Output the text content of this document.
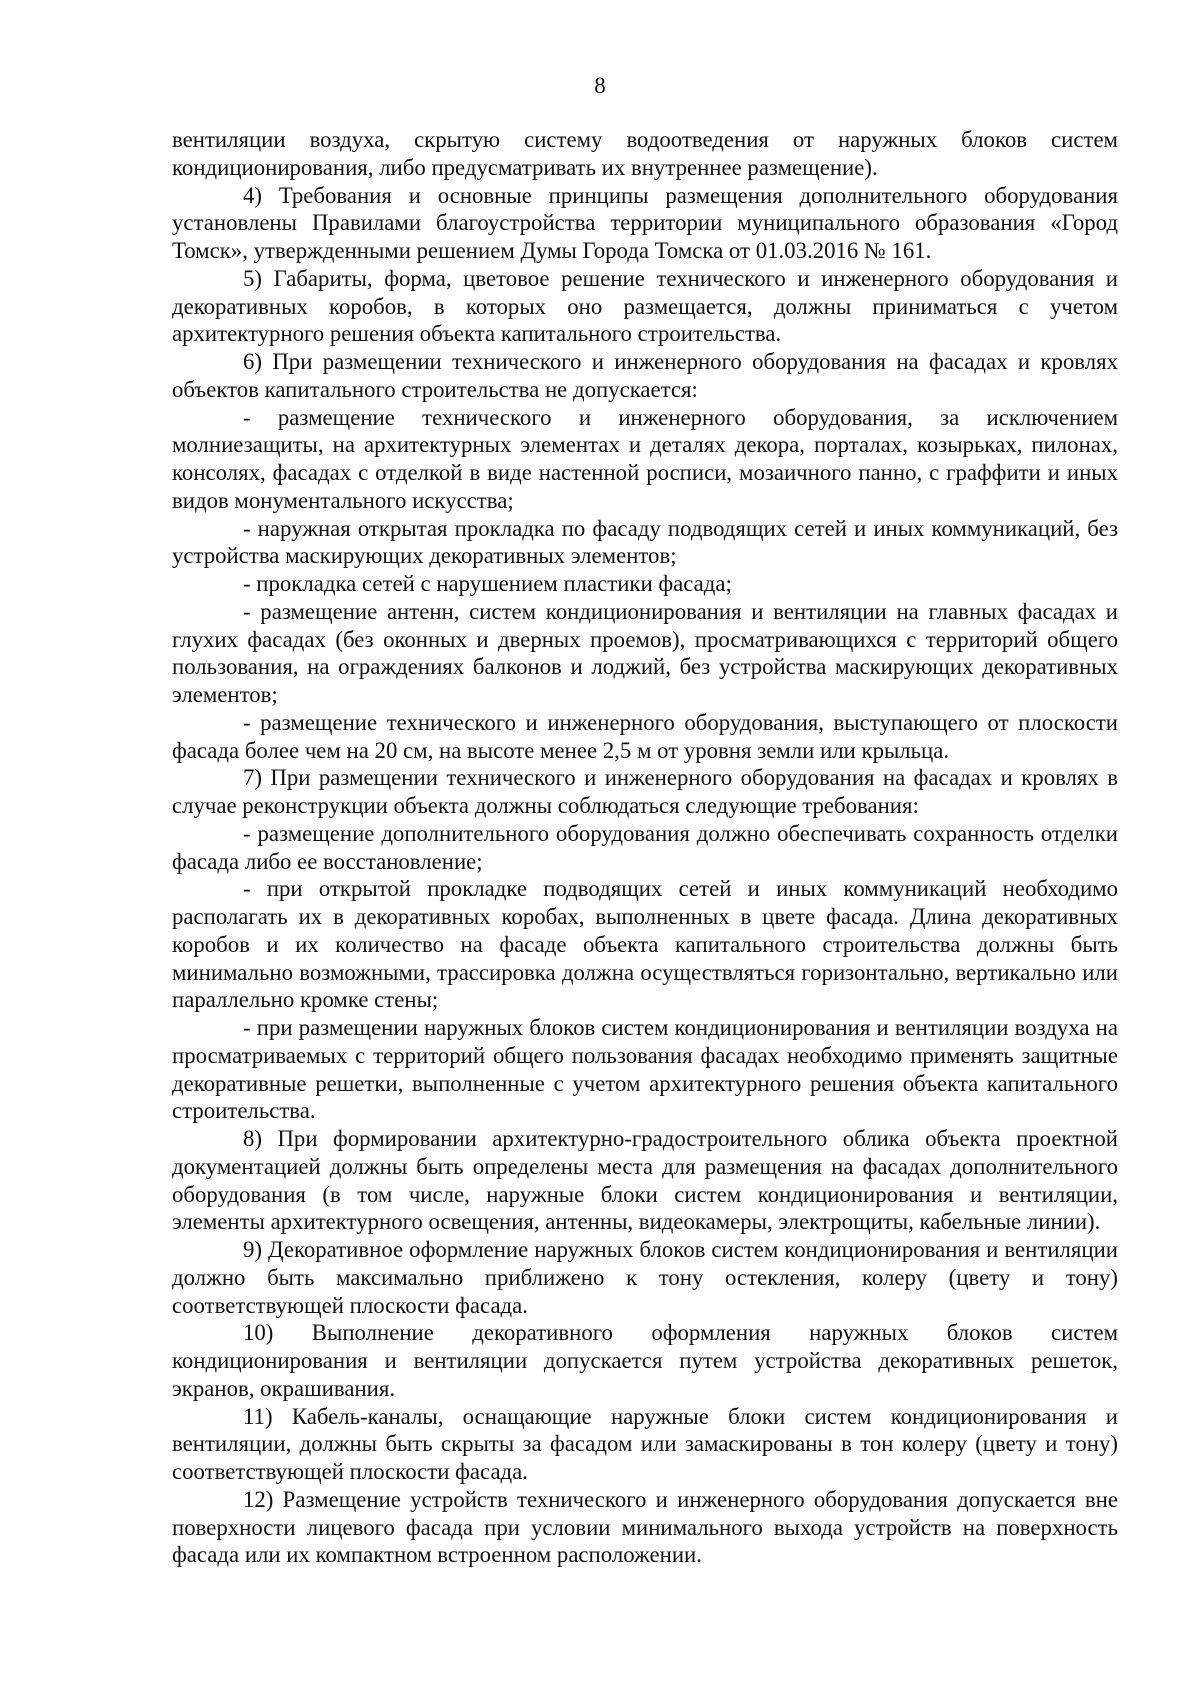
8

вентиляции воздуха, скрытую систему водоотведения от наружных блоков систем кондиционирования, либо предусматривать их внутреннее размещение).

4) Требования и основные принципы размещения дополнительного оборудования установлены Правилами благоустройства территории муниципального образования «Город Томск», утвержденными решением Думы Города Томска от 01.03.2016 № 161.

5) Габариты, форма, цветовое решение технического и инженерного оборудования и декоративных коробов, в которых оно размещается, должны приниматься с учетом архитектурного решения объекта капитального строительства.

6) При размещении технического и инженерного оборудования на фасадах и кровлях объектов капитального строительства не допускается:

- размещение технического и инженерного оборудования, за исключением молниезащиты, на архитектурных элементах и деталях декора, порталах, козырьках, пилонах, консолях, фасадах с отделкой в виде настенной росписи, мозаичного панно, с граффити и иных видов монументального искусства;

- наружная открытая прокладка по фасаду подводящих сетей и иных коммуникаций, без устройства маскирующих декоративных элементов;

- прокладка сетей с нарушением пластики фасада;

- размещение антенн, систем кондиционирования и вентиляции на главных фасадах и глухих фасадах (без оконных и дверных проемов), просматривающихся с территорий общего пользования, на ограждениях балконов и лоджий, без устройства маскирующих декоративных элементов;

- размещение технического и инженерного оборудования, выступающего от плоскости фасада более чем на 20 см, на высоте менее 2,5 м от уровня земли или крыльца.

7) При размещении технического и инженерного оборудования на фасадах и кровлях в случае реконструкции объекта должны соблюдаться следующие требования:

- размещение дополнительного оборудования должно обеспечивать сохранность отделки фасада либо ее восстановление;

- при открытой прокладке подводящих сетей и иных коммуникаций необходимо располагать их в декоративных коробах, выполненных в цвете фасада. Длина декоративных коробов и их количество на фасаде объекта капитального строительства должны быть минимально возможными, трассировка должна осуществляться горизонтально, вертикально или параллельно кромке стены;

- при размещении наружных блоков систем кондиционирования и вентиляции воздуха на просматриваемых с территорий общего пользования фасадах необходимо применять защитные декоративные решетки, выполненные с учетом архитектурного решения объекта капитального строительства.

8) При формировании архитектурно-градостроительного облика объекта проектной документацией должны быть определены места для размещения на фасадах дополнительного оборудования (в том числе, наружные блоки систем кондиционирования и вентиляции, элементы архитектурного освещения, антенны, видеокамеры, электрощиты, кабельные линии).

9) Декоративное оформление наружных блоков систем кондиционирования и вентиляции должно быть максимально приближено к тону остекления, колеру (цвету и тону) соответствующей плоскости фасада.

10) Выполнение декоративного оформления наружных блоков систем кондиционирования и вентиляции допускается путем устройства декоративных решеток, экранов, окрашивания.

11) Кабель-каналы, оснащающие наружные блоки систем кондиционирования и вентиляции, должны быть скрыты за фасадом или замаскированы в тон колеру (цвету и тону) соответствующей плоскости фасада.

12) Размещение устройств технического и инженерного оборудования допускается вне поверхности лицевого фасада при условии минимального выхода устройств на поверхность фасада или их компактном встроенном расположении.
